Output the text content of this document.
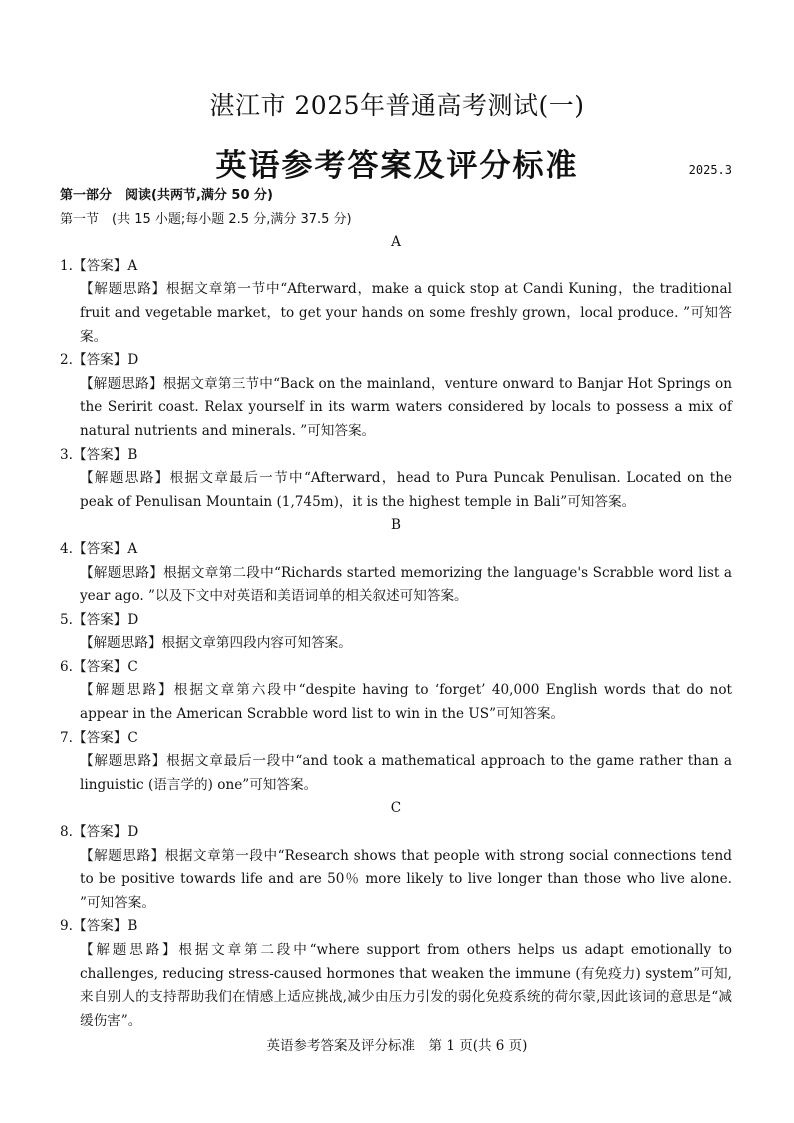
湛江市 2025年普通高考测试(一)
英语参考答案及评分标准	2025.3
第一部分　阅读(共两节,满分 50 分)
第一节　(共 15 小题;每小题 2.5 分,满分 37.5 分)
A
1.【答案】A
【解题思路】根据文章第一节中“Afterward，make a quick stop at Candi Kuning，the traditional fruit and vegetable market，to get your hands on some freshly grown，local produce. ”可知答案。
2.【答案】D
【解题思路】根据文章第三节中“Back on the mainland，venture onward to Banjar Hot Springs on the Seririt coast. Relax yourself in its warm waters considered by locals to possess a mix of natural nutrients and minerals. ”可知答案。
3.【答案】B
【解题思路】根据文章最后一节中“Afterward，head to Pura Puncak Penulisan. Located on the peak of Penulisan Mountain (1,745m)，it is the highest temple in Bali”可知答案。
B
4.【答案】A
【解题思路】根据文章第二段中“Richards started memorizing the language's Scrabble word list a year ago. ”以及下文中对英语和美语词单的相关叙述可知答案。
5.【答案】D
【解题思路】根据文章第四段内容可知答案。
6.【答案】C
【解题思路】根据文章第六段中“despite having to ‘forget’ 40,000 English words that do not appear in the American Scrabble word list to win in the US”可知答案。
7.【答案】C
【解题思路】根据文章最后一段中“and took a mathematical approach to the game rather than a linguistic (语言学的) one”可知答案。
C
8.【答案】D
【解题思路】根据文章第一段中“Research shows that people with strong social connections tend to be positive towards life and are 50％ more likely to live longer than those who live alone. ”可知答案。
9.【答案】B
【解题思路】根据文章第二段中“where support from others helps us adapt emotionally to challenges, reducing stress-caused hormones that weaken the immune (有免疫力) system”可知,来自别人的支持帮助我们在情感上适应挑战,减少由压力引发的弱化免疫系统的荷尔蒙,因此该词的意思是“减缓伤害”。
英语参考答案及评分标准　第 1 页(共 6 页)
